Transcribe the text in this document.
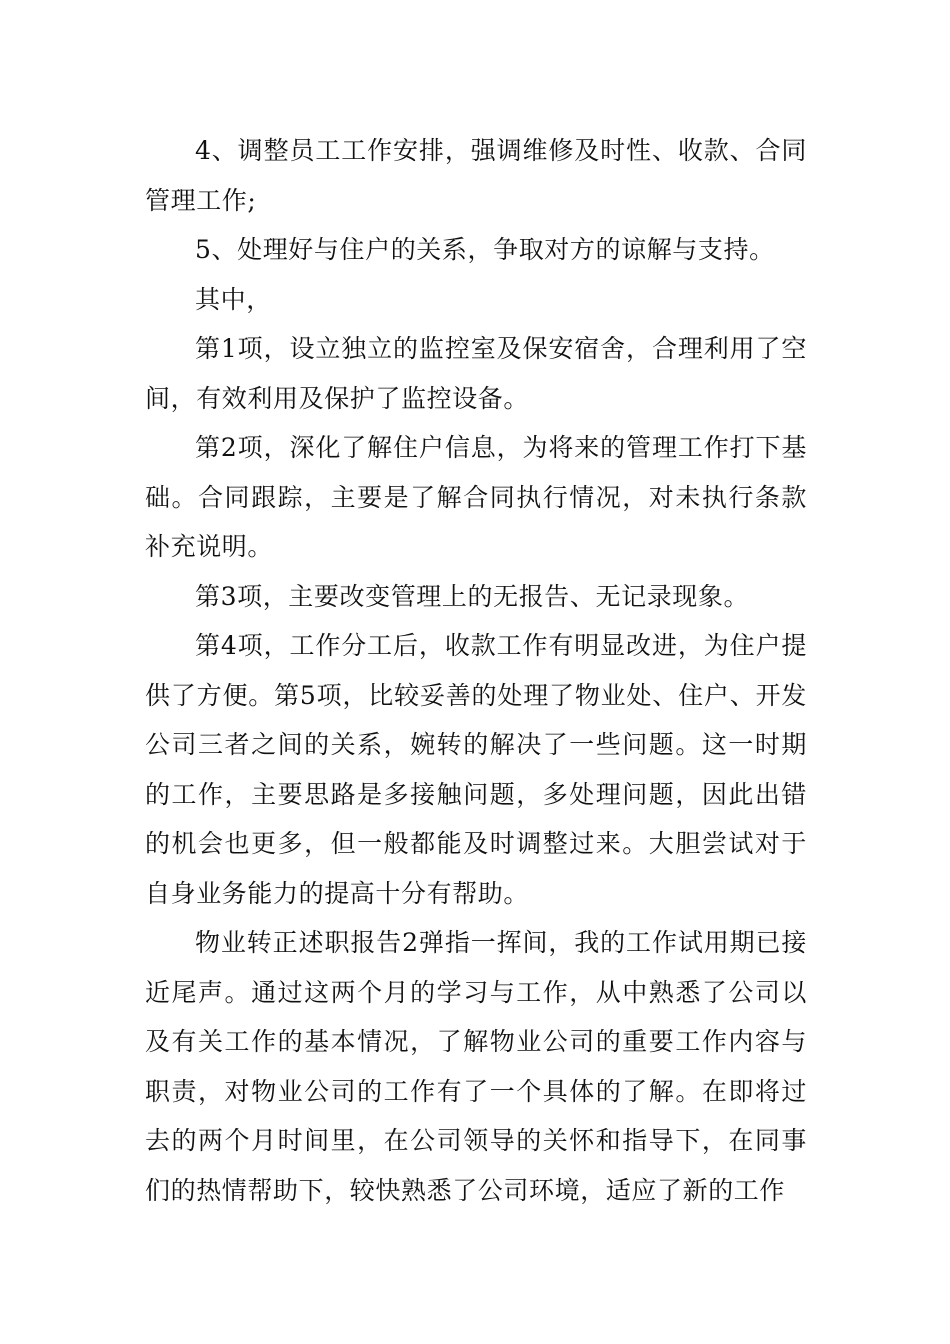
4、调整员工工作安排，强调维修及时性、收款、合同管理工作;

5、处理好与住户的关系，争取对方的谅解与支持。

其中，

第1项，设立独立的监控室及保安宿舍，合理利用了空间，有效利用及保护了监控设备。

第2项，深化了解住户信息，为将来的管理工作打下基础。合同跟踪，主要是了解合同执行情况，对未执行条款补充说明。

第3项，主要改变管理上的无报告、无记录现象。

第4项，工作分工后，收款工作有明显改进，为住户提供了方便。第5项，比较妥善的处理了物业处、住户、开发公司三者之间的关系，婉转的解决了一些问题。这一时期的工作，主要思路是多接触问题，多处理问题，因此出错的机会也更多，但一般都能及时调整过来。大胆尝试对于自身业务能力的提高十分有帮助。

物业转正述职报告2弹指一挥间，我的工作试用期已接近尾声。通过这两个月的学习与工作，从中熟悉了公司以及有关工作的基本情况，了解物业公司的重要工作内容与职责，对物业公司的工作有了一个具体的了解。在即将过去的两个月时间里，在公司领导的关怀和指导下，在同事们的热情帮助下，较快熟悉了公司环境，适应了新的工作
